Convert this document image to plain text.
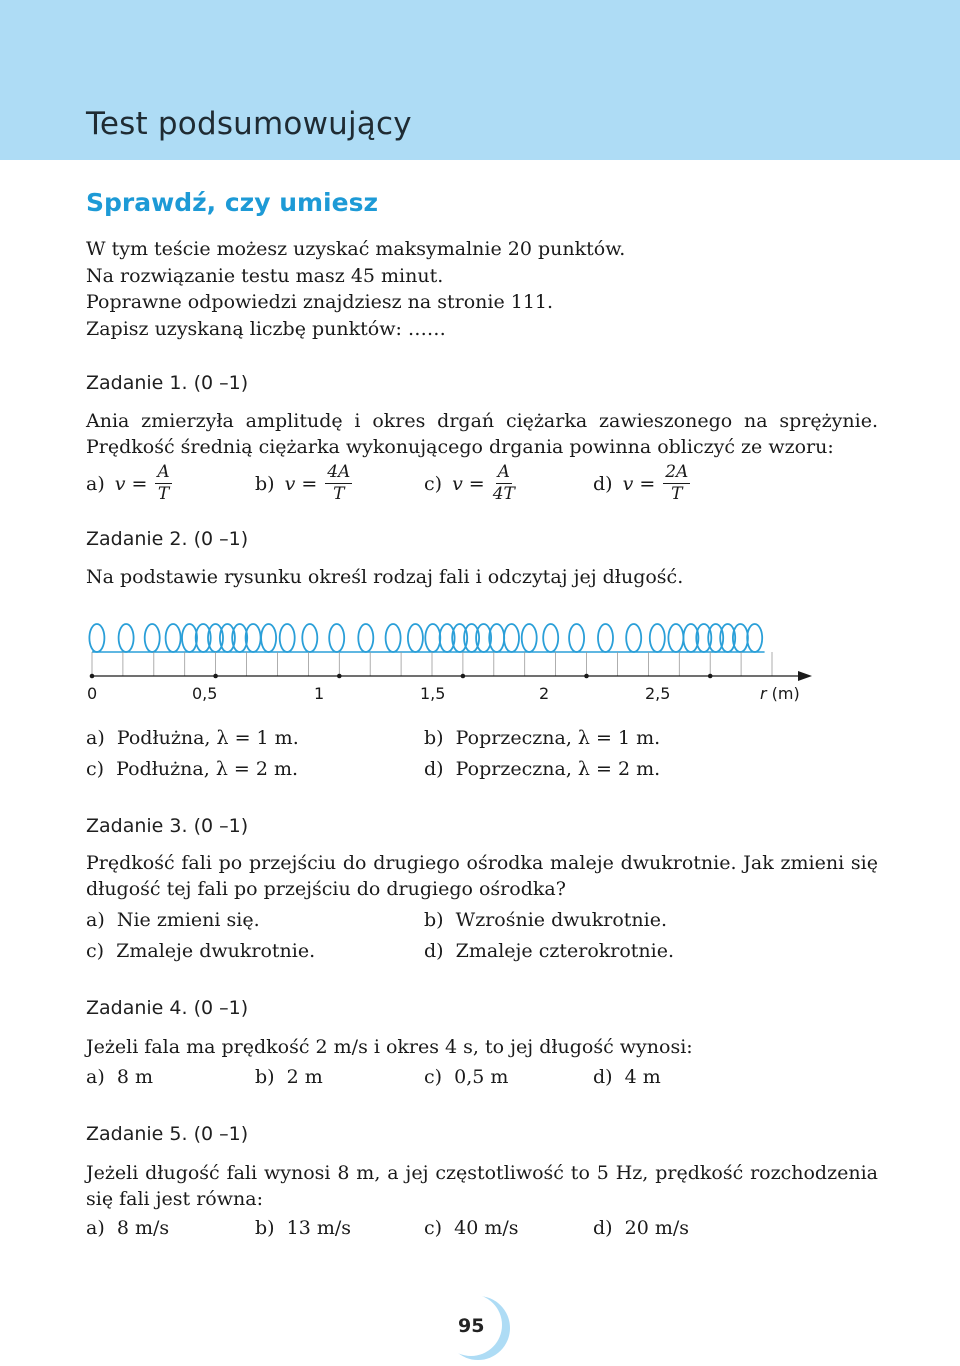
Test podsumowujący
Sprawdź, czy umiesz
W tym teście możesz uzyskać maksymalnie 20 punktów.
Na rozwiązanie testu masz 45 minut.
Poprawne odpowiedzi znajdziesz na stronie 111.
Zapisz uzyskaną liczbę punktów: ……
Zadanie 1. (0 –1)
Ania zmierzyła amplitudę i okres drgań ciężarka zawieszonego na sprężynie. Prędkość średnią ciężarka wykonującego drgania powinna obliczyć ze wzoru:
a) $v = \frac{A}{T}$	b) $v = \frac{4A}{T}$	c) $v = \frac{A}{4T}$	d) $v = \frac{2A}{T}$
Zadanie 2. (0 –1)
Na podstawie rysunku określ rodzaj fali i odczytaj jej długość.
0	0,5	1	1,5	2	2,5	r (m)
a) Podłużna, λ = 1 m.	b) Poprzeczna, λ = 1 m.
c) Podłużna, λ = 2 m.	d) Poprzeczna, λ = 2 m.
Zadanie 3. (0 –1)
Prędkość fali po przejściu do drugiego ośrodka maleje dwukrotnie. Jak zmieni się długość tej fali po przejściu do drugiego ośrodka?
a) Nie zmieni się.	b) Wzrośnie dwukrotnie.
c) Zmaleje dwukrotnie.	d) Zmaleje czterokrotnie.
Zadanie 4. (0 –1)
Jeżeli fala ma prędkość 2 m/s i okres 4 s, to jej długość wynosi:
a) 8 m	b) 2 m	c) 0,5 m	d) 4 m
Zadanie 5. (0 –1)
Jeżeli długość fali wynosi 8 m, a jej częstotliwość to 5 Hz, prędkość rozchodzenia się fali jest równa:
a) 8 m/s	b) 13 m/s	c) 40 m/s	d) 20 m/s
95
